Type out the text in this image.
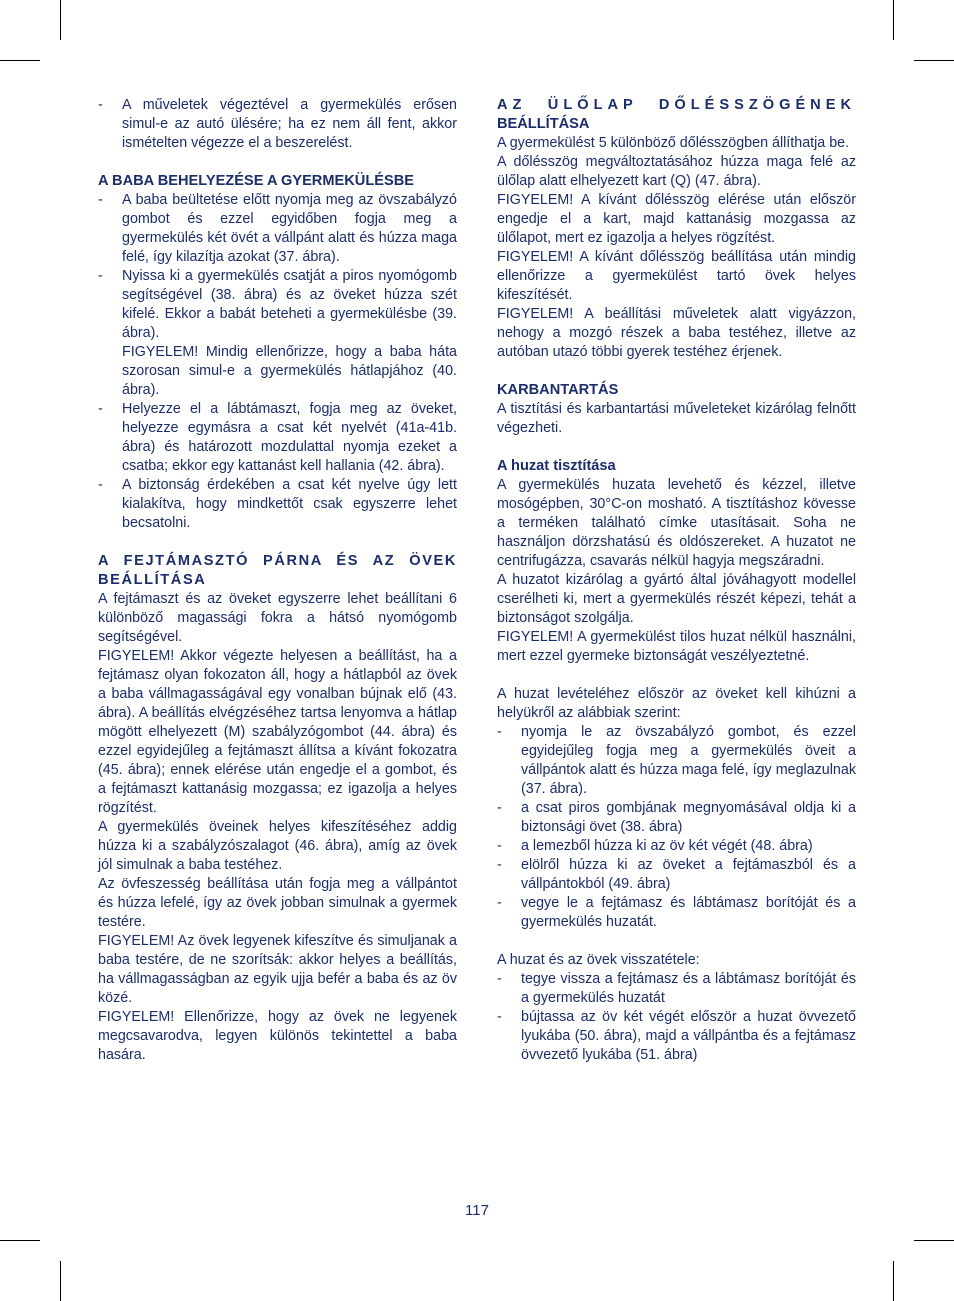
- A műveletek végeztével a gyermekülés erősen simul-e az autó ülésére; ha ez nem áll fent, akkor ismételten végezze el a beszerelést.
A BABA BEHELYEZÉSE A GYERMEKÜLÉSBE
- A baba beültetése előtt nyomja meg az övszabályzó gombot és ezzel egyidőben fogja meg a gyermekülés két övét a vállpánt alatt és húzza maga felé, így kilazítja azokat (37. ábra).
- Nyissa ki a gyermekülés csatját a piros nyomógomb segítségével (38. ábra) és az öveket húzza szét kifelé. Ekkor a babát beteheti a gyermekülésbe (39. ábra).
FIGYELEM! Mindig ellenőrizze, hogy a baba háta szorosan simul-e a gyermekülés hátlapjához (40. ábra).
- Helyezze el a lábtámaszt, fogja meg az öveket, helyezze egymásra a csat két nyelvét (41a-41b. ábra) és határozott mozdulattal nyomja ezeket a csatba; ekkor egy kattanást kell hallania (42. ábra).
- A biztonság érdekében a csat két nyelve úgy lett kialakítva, hogy mindkettőt csak egyszerre lehet becsatolni.
A FEJTÁMASZTÓ PÁRNA ÉS AZ ÖVEK BEÁLLÍTÁSA

A fejtámaszt és az öveket egyszerre lehet beállítani 6 különböző magassági fokra a hátsó nyomógomb segítségével.

FIGYELEM! Akkor végezte helyesen a beállítást, ha a fejtámasz olyan fokozaton áll, hogy a hátlapból az övek a baba vállmagasságával egy vonalban bújnak elő (43. ábra). A beállítás elvégzéséhez tartsa lenyomva a hátlap mögött elhelyezett (M) szabályzógombot (44. ábra) és ezzel egyidejűleg a fejtámaszt állítsa a kívánt fokozatra (45. ábra); ennek elérése után engedje el a gombot, és a fejtámaszt kattanásig mozgassa; ez igazolja a helyes rögzítést.

A gyermekülés öveinek helyes kifeszítéséhez addig húzza ki a szabályzószalagot (46. ábra), amíg az övek jól simulnak a baba testéhez.

Az övfeszesség beállítása után fogja meg a vállpántot és húzza lefelé, így az övek jobban simulnak a gyermek testére.

FIGYELEM! Az övek legyenek kifeszítve és simuljanak a baba testére, de ne szorítsák: akkor helyes a beállítás, ha vállmagasságban az egyik ujja befér a baba és az öv közé.

FIGYELEM! Ellenőrizze, hogy az övek ne legyenek megcsavarodva, legyen különös tekintettel a baba hasára.

AZ ÜLŐLAP DŐLÉSSZÖGÉNEK
BEÁLLÍTÁSA

A gyermekülést 5 különböző dőlésszögben állíthatja be.

A dőlésszög megváltoztatásához húzza maga felé az ülőlap alatt elhelyezett kart (Q) (47. ábra).

FIGYELEM! A kívánt dőlésszög elérése után először engedje el a kart, majd kattanásig mozgassa az ülőlapot, mert ez igazolja a helyes rögzítést.

FIGYELEM! A kívánt dőlésszög beállítása után mindig ellenőrizze a gyermekülést tartó övek helyes kifeszítését.

FIGYELEM! A beállítási műveletek alatt vigyázzon, nehogy a mozgó részek a baba testéhez, illetve az autóban utazó többi gyerek testéhez érjenek.

KARBANTARTÁS

A tisztítási és karbantartási műveleteket kizárólag felnőtt végezheti.

A huzat tisztítása

A gyermekülés huzata levehető és kézzel, illetve mosógépben, 30°C-on mosható. A tisztításhoz kövesse a terméken található címke utasításait. Soha ne használjon dörzshatású és oldószereket. A huzatot ne centrifugázza, csavarás nélkül hagyja megszáradni.

A huzatot kizárólag a gyártó által jóváhagyott modellel cserélheti ki, mert a gyermekülés részét képezi, tehát a biztonságot szolgálja.

FIGYELEM! A gyermekülést tilos huzat nélkül használni, mert ezzel gyermeke biztonságát veszélyeztetné.

A huzat levételéhez először az öveket kell kihúzni a helyükről az alábbiak szerint:

- nyomja le az övszabályzó gombot, és ezzel egyidejűleg fogja meg a gyermekülés öveit a vállpántok alatt és húzza maga felé, így meglazulnak (37. ábra).
- a csat piros gombjának megnyomásával oldja ki a biztonsági övet (38. ábra)
- a lemezből húzza ki az öv két végét (48. ábra)
- elölről húzza ki az öveket a fejtámaszból és a vállpántokból (49. ábra)
- vegye le a fejtámasz és lábtámasz borítóját és a gyermekülés huzatát.

A huzat és az övek visszatétele:

- tegye vissza a fejtámasz és a lábtámasz borítóját és a gyermekülés huzatát
- bújtassa az öv két végét először a huzat övvezető lyukába (50. ábra), majd a vállpántba és a fejtámasz övvezető lyukába (51. ábra)
117
